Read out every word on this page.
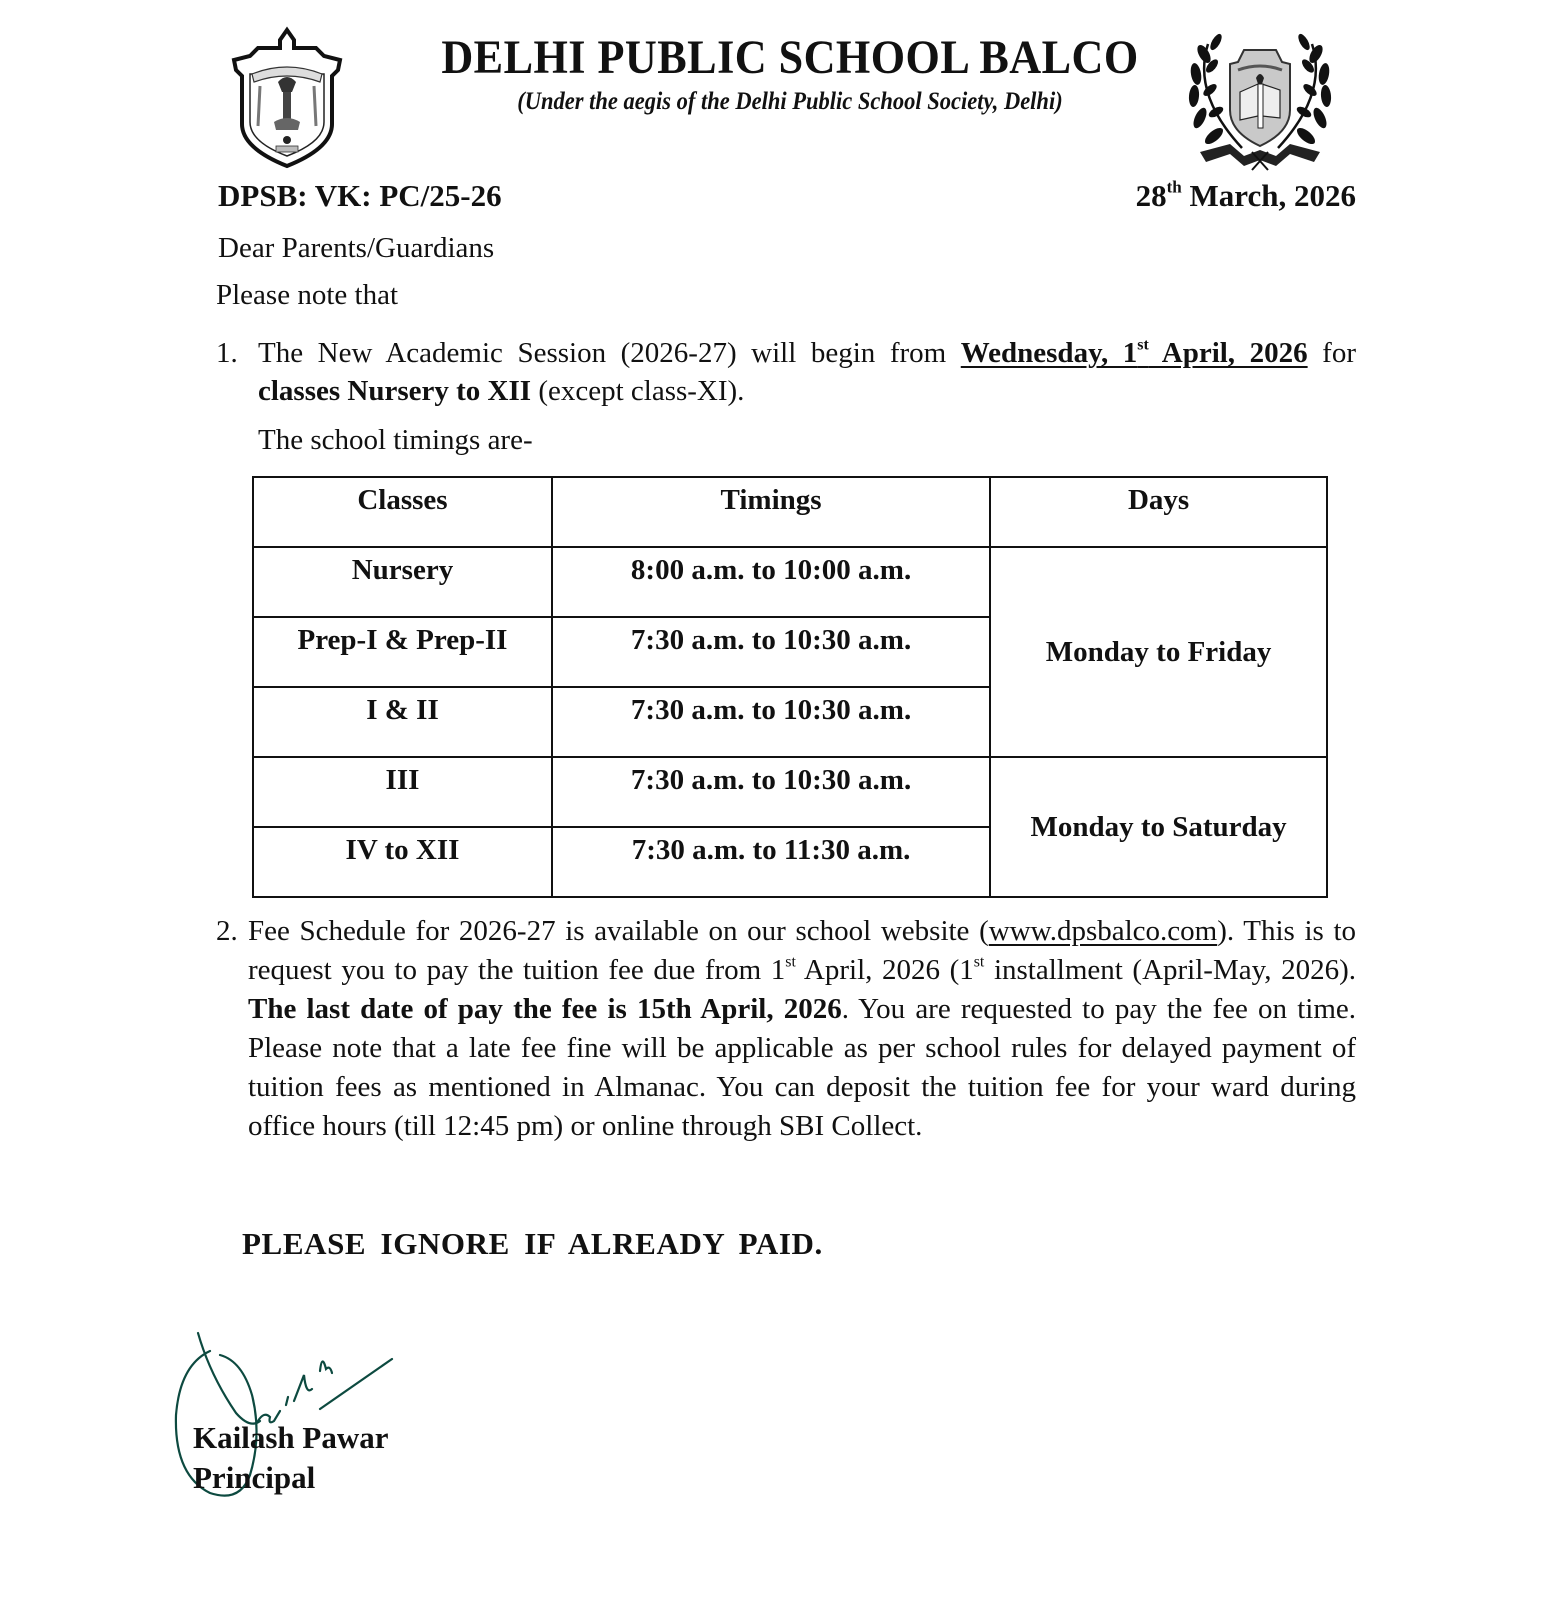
DELHI PUBLIC SCHOOL BALCO
(Under the aegis of the Delhi Public School Society, Delhi)
DPSB: VK: PC/25-26	28th March, 2026
Dear Parents/Guardians
Please note that
1. The New Academic Session (2026-27) will begin from Wednesday, 1st April, 2026 for classes Nursery to XII (except class-XI).
The school timings are-
Classes	Timings	Days
Nursery	8:00 a.m. to 10:00 a.m.	Monday to Friday
Prep-I & Prep-II	7:30 a.m. to 10:30 a.m.	
I & II	7:30 a.m. to 10:30 a.m.	
III	7:30 a.m. to 10:30 a.m.	Monday to Saturday
IV to XII	7:30 a.m. to 11:30 a.m.	
2. Fee Schedule for 2026-27 is available on our school website (www.dpsbalco.com). This is to request you to pay the tuition fee due from 1st April, 2026 (1st installment (April-May, 2026). The last date of pay the fee is 15th April, 2026. You are requested to pay the fee on time. Please note that a late fee fine will be applicable as per school rules for delayed payment of tuition fees as mentioned in Almanac. You can deposit the tuition fee for your ward during office hours (till 12:45 pm) or online through SBI Collect.
PLEASE IGNORE IF ALREADY PAID.
Kailash Pawar
Principal
